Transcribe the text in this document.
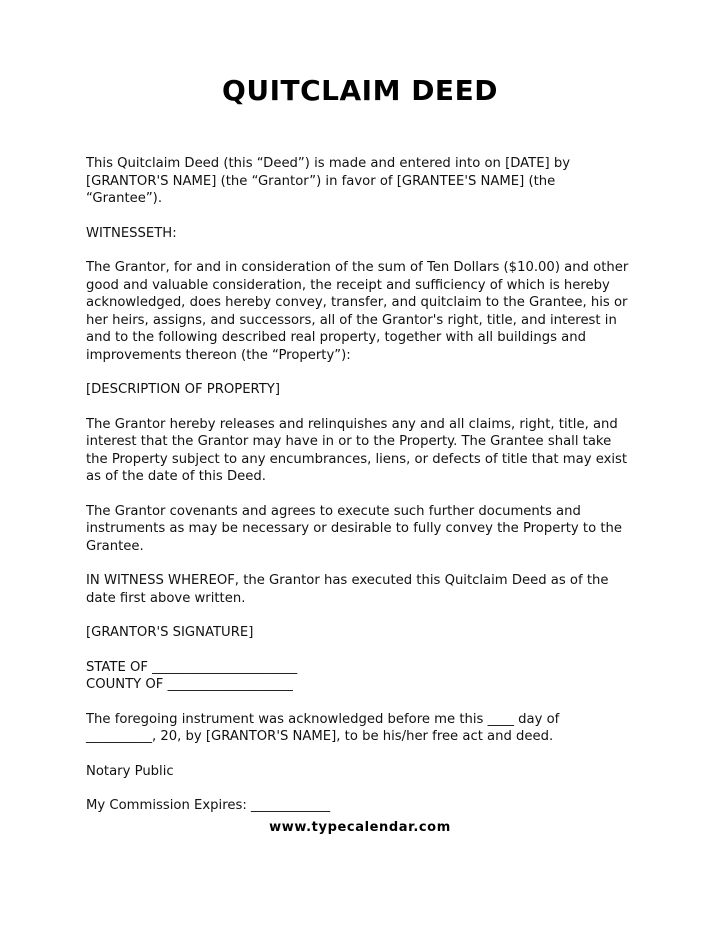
QUITCLAIM DEED

This Quitclaim Deed (this “Deed”) is made and entered into on [DATE] by [GRANTOR'S NAME] (the “Grantor”) in favor of [GRANTEE'S NAME] (the “Grantee”).

WITNESSETH:

The Grantor, for and in consideration of the sum of Ten Dollars ($10.00) and other good and valuable consideration, the receipt and sufficiency of which is hereby acknowledged, does hereby convey, transfer, and quitclaim to the Grantee, his or her heirs, assigns, and successors, all of the Grantor's right, title, and interest in and to the following described real property, together with all buildings and improvements thereon (the “Property”):

[DESCRIPTION OF PROPERTY]

The Grantor hereby releases and relinquishes any and all claims, right, title, and interest that the Grantor may have in or to the Property. The Grantee shall take the Property subject to any encumbrances, liens, or defects of title that may exist as of the date of this Deed.

The Grantor covenants and agrees to execute such further documents and instruments as may be necessary or desirable to fully convey the Property to the Grantee.

IN WITNESS WHEREOF, the Grantor has executed this Quitclaim Deed as of the date first above written.

[GRANTOR'S SIGNATURE]

STATE OF ______________________

COUNTY OF ___________________

The foregoing instrument was acknowledged before me this ____ day of __________, 20, by [GRANTOR'S NAME], to be his/her free act and deed.

Notary Public

My Commission Expires: ____________

www.typecalendar.com
